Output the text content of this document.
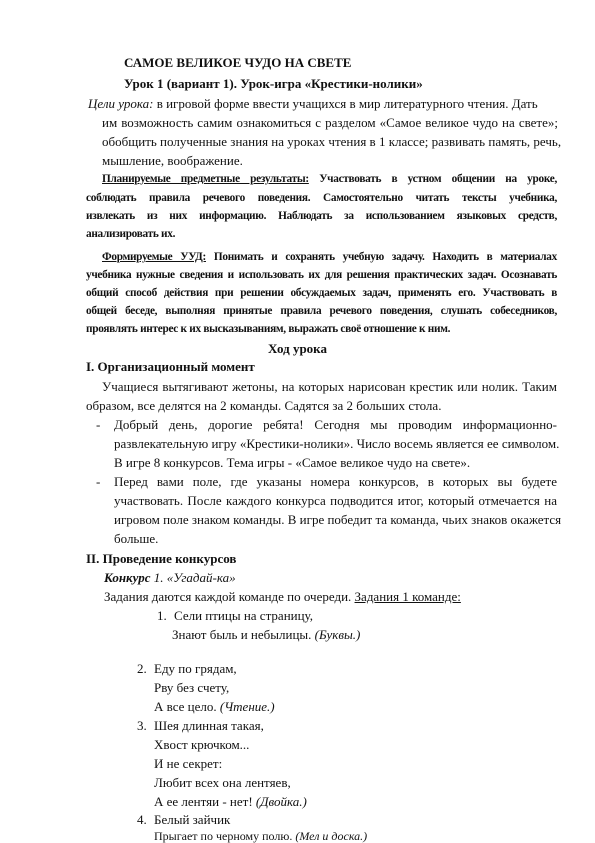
САМОЕ ВЕЛИКОЕ ЧУДО НА СВЕТЕ
Урок 1 (вариант 1). Урок-игра «Крестики-нолики»
Цели урока: в игровой форме ввести учащихся в мир литературного чтения. Дать
им возможность самим ознакомиться с разделом «Самое великое чудо на свете»;
обобщить полученные знания на уроках чтения в 1 классе; развивать память, речь,
мышление, воображение.
Планируемые предметные результаты: Участвовать в устном общении на уроке,
соблюдать правила речевого поведения. Самостоятельно читать тексты учебника,
извлекать из них информацию. Наблюдать за использованием языковых средств,
анализировать их.
Формируемые УУД: Понимать и сохранять учебную задачу. Находить в материалах
учебника нужные сведения и использовать их для решения практических задач. Осознавать
общий способ действия при решении обсуждаемых задач, применять его. Участвовать в
общей беседе, выполняя принятые правила речевого поведения, слушать собеседников,
проявлять интерес к их высказываниям, выражать своё отношение к ним.
Ход урока
I. Организационный момент
Учащиеся вытягивают жетоны, на которых нарисован крестик или нолик. Таким
образом, все делятся на 2 команды. Садятся за 2 больших стола.
- Добрый день, дорогие ребята! Сегодня мы проводим информационно-
развлекательную игру «Крестики-нолики». Число восемь является ее символом.
В игре 8 конкурсов. Тема игры - «Самое великое чудо на свете».
- Перед вами поле, где указаны номера конкурсов, в которых вы будете
участвовать. После каждого конкурса подводится итог, который отмечается на
игровом поле знаком команды. В игре победит та команда, чьих знаков окажется
больше.
II. Проведение конкурсов
Конкурс 1. «Угадай-ка»
Задания даются каждой команде по очереди. Задания 1 команде:
1. Сели птицы на страницу,
Знают быль и небылицы. (Буквы.)
2. Еду по грядам,
Рву без счету,
А все цело. (Чтение.)
3. Шея длинная такая,
Хвост крючком...
И не секрет:
Любит всех она лентяев,
А ее лентяи - нет! (Двойка.)
4. Белый зайчик
Прыгает по черному полю. (Мел и доска.)
